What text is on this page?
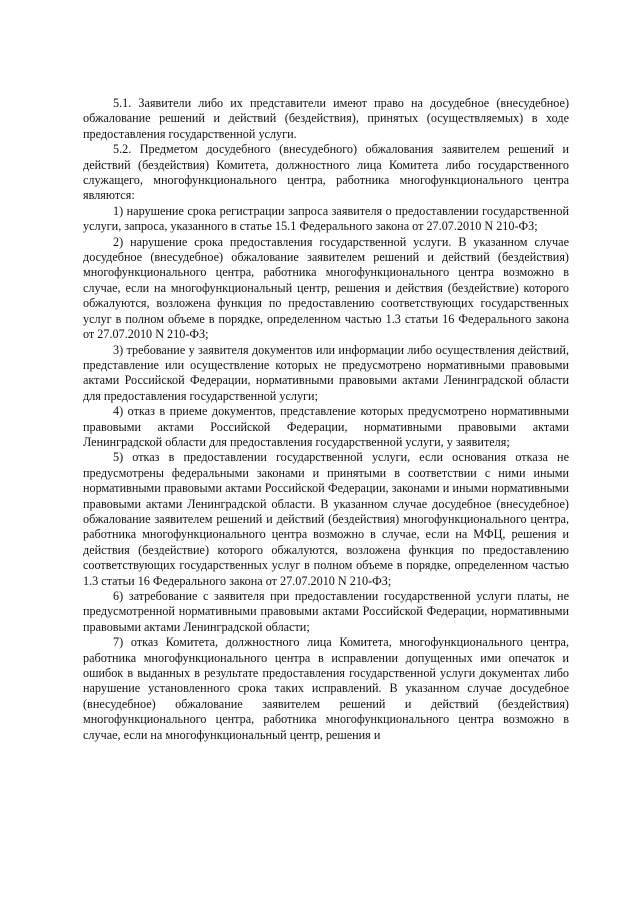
5.1. Заявители либо их представители имеют право на досудебное (внесудебное) обжалование решений и действий (бездействия), принятых (осуществляемых) в ходе предоставления государственной услуги.

5.2. Предметом досудебного (внесудебного) обжалования заявителем решений и действий (бездействия) Комитета, должностного лица Комитета либо государственного служащего, многофункционального центра, работника многофункционального центра являются:

1) нарушение срока регистрации запроса заявителя о предоставлении государственной услуги, запроса, указанного в статье 15.1 Федерального закона от 27.07.2010 N 210-ФЗ;

2) нарушение срока предоставления государственной услуги. В указанном случае досудебное (внесудебное) обжалование заявителем решений и действий (бездействия) многофункционального центра, работника многофункционального центра возможно в случае, если на многофункциональный центр, решения и действия (бездействие) которого обжалуются, возложена функция по предоставлению соответствующих государственных услуг в полном объеме в порядке, определенном частью 1.3 статьи 16 Федерального закона от 27.07.2010 N 210-ФЗ;

3) требование у заявителя документов или информации либо осуществления действий, представление или осуществление которых не предусмотрено нормативными правовыми актами Российской Федерации, нормативными правовыми актами Ленинградской области для предоставления государственной услуги;

4) отказ в приеме документов, представление которых предусмотрено нормативными правовыми актами Российской Федерации, нормативными правовыми актами Ленинградской области для предоставления государственной услуги, у заявителя;

5) отказ в предоставлении государственной услуги, если основания отказа не предусмотрены федеральными законами и принятыми в соответствии с ними иными нормативными правовыми актами Российской Федерации, законами и иными нормативными правовыми актами Ленинградской области. В указанном случае досудебное (внесудебное) обжалование заявителем решений и действий (бездействия) многофункционального центра, работника многофункционального центра возможно в случае, если на МФЦ, решения и действия (бездействие) которого обжалуются, возложена функция по предоставлению соответствующих государственных услуг в полном объеме в порядке, определенном частью 1.3 статьи 16 Федерального закона от 27.07.2010 N 210-ФЗ;

6) затребование с заявителя при предоставлении государственной услуги платы, не предусмотренной нормативными правовыми актами Российской Федерации, нормативными правовыми актами Ленинградской области;

7) отказ Комитета, должностного лица Комитета, многофункционального центра, работника многофункционального центра в исправлении допущенных ими опечаток и ошибок в выданных в результате предоставления государственной услуги документах либо нарушение установленного срока таких исправлений. В указанном случае досудебное (внесудебное) обжалование заявителем решений и действий (бездействия) многофункционального центра, работника многофункционального центра возможно в случае, если на многофункциональный центр, решения и
